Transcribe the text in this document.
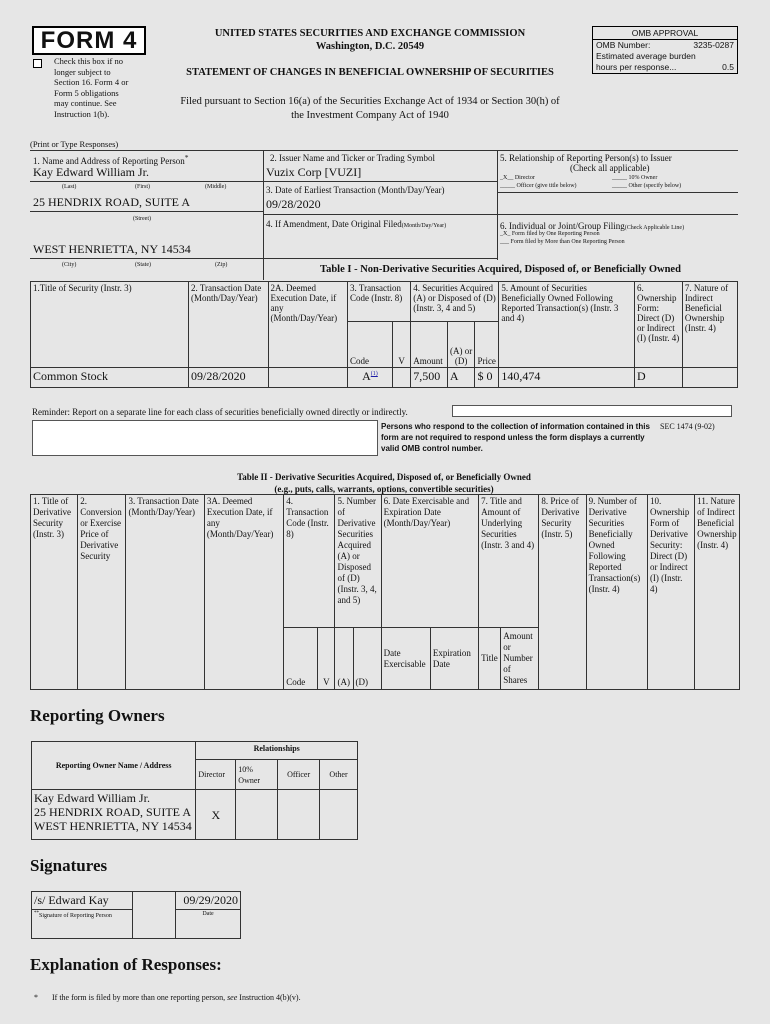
FORM 4
Check this box if no
longer subject to
Section 16. Form 4 or
Form 5 obligations
may continue. See
Instruction 1(b).
UNITED STATES SECURITIES AND EXCHANGE COMMISSION
Washington, D.C. 20549
STATEMENT OF CHANGES IN BENEFICIAL OWNERSHIP OF SECURITIES
Filed pursuant to Section 16(a) of the Securities Exchange Act of 1934 or Section 30(h) of
the Investment Company Act of 1940
OMB APPROVAL
OMB Number:	3235-0287
Estimated average burden
hours per response...	0.5
(Print or Type Responses)
1. Name and Address of Reporting Person*
Kay Edward William Jr.
(Last)	(First)	(Middle)
25 HENDRIX ROAD, SUITE A
(Street)
WEST HENRIETTA, NY 14534
(City)	(State)	(Zip)
2. Issuer Name and Ticker or Trading Symbol
Vuzix Corp [VUZI]
3. Date of Earliest Transaction (Month/Day/Year)
09/28/2020
4. If Amendment, Date Original Filed(Month/Day/Year)
5. Relationship of Reporting Person(s) to Issuer
(Check all applicable)
_X__ Director	_____ 10% Owner
_____ Officer (give title below)	_____ Other (specify below)
6. Individual or Joint/Group Filing(Check Applicable Line)
_X_ Form filed by One Reporting Person
___ Form filed by More than One Reporting Person
Table I - Non-Derivative Securities Acquired, Disposed of, or Beneficially Owned
1.Title of Security (Instr. 3)	2. Transaction Date (Month/Day/Year)	2A. Deemed Execution Date, if any (Month/Day/Year)	3. Transaction Code (Instr. 8)		4. Securities Acquired (A) or Disposed of (D) (Instr. 3, 4 and 5)			5. Amount of Securities Beneficially Owned Following Reported Transaction(s) (Instr. 3 and 4)	6. Ownership Form: Direct (D) or Indirect (I) (Instr. 4)	7. Nature of Indirect Beneficial Ownership (Instr. 4)
			Code	V	Amount	(A) or (D)	Price			
Common Stock	09/28/2020		$A^{(1)}$		7,500	A	$ 0	140,474	D	
Reminder: Report on a separate line for each class of securities beneficially owned directly or indirectly.
Persons who respond to the collection of information contained in this form are not required to respond unless the form displays a currently valid OMB control number.
SEC 1474 (9-02)
Table II - Derivative Securities Acquired, Disposed of, or Beneficially Owned
(e.g., puts, calls, warrants, options, convertible securities)
1. Title of Derivative Security (Instr. 3)	2. Conversion or Exercise Price of Derivative Security	3. Transaction Date (Month/Day/Year)	3A. Deemed Execution Date, if any (Month/Day/Year)	4. Transaction Code (Instr. 8)		5. Number of Derivative Securities Acquired (A) or Disposed of (D) (Instr. 3, 4, and 5)		6. Date Exercisable and Expiration Date (Month/Day/Year)		7. Title and Amount of Underlying Securities (Instr. 3 and 4)		8. Price of Derivative Security (Instr. 5)	9. Number of Derivative Securities Beneficially Owned Following Reported Transaction(s) (Instr. 4)	10. Ownership Form of Derivative Security: Direct (D) or Indirect (I) (Instr. 4)	11. Nature of Indirect Beneficial Ownership (Instr. 4)
				Code	V	(A)	(D)	Date Exercisable	Expiration Date	Title	Amount or Number of Shares				
Reporting Owners
Reporting Owner Name / Address	Relationships			
	Director	10% Owner	Officer	Other

Kay Edward William Jr.
25 HENDRIX ROAD, SUITE A
WEST HENRIETTA, NY 14534	X			
Signatures
/s/ Edward Kay		09/29/2020
**Signature of Reporting Person		Date
Explanation of Responses:
* If the form is filed by more than one reporting person, see Instruction 4(b)(v).
